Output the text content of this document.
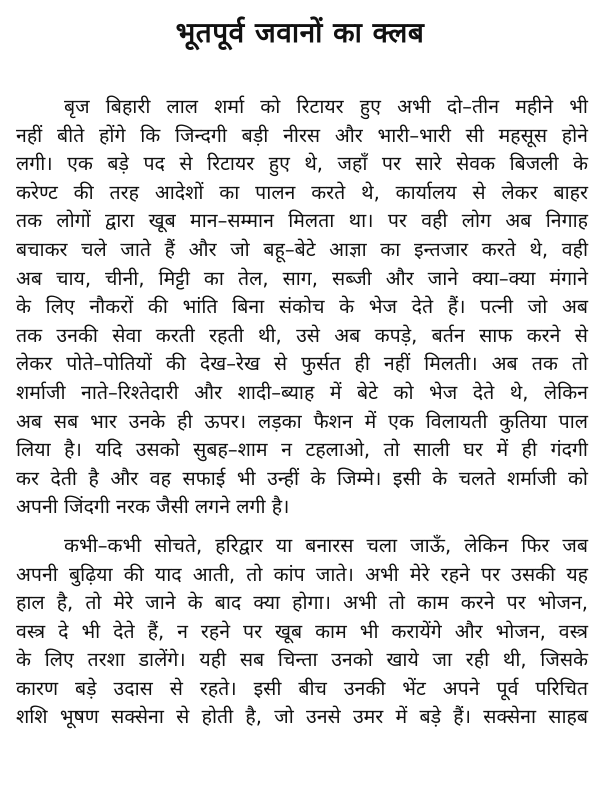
भूतपूर्व जवानों का क्लब
बृज बिहारी लाल शर्मा को रिटायर हुए अभी दो–तीन महीने भी
नहीं बीते होंगे कि जिन्दगी बड़ी नीरस और भारी–भारी सी महसूस होने
लगी। एक बड़े पद से रिटायर हुए थे, जहाँ पर सारे सेवक बिजली के
करेण्ट की तरह आदेशों का पालन करते थे, कार्यालय से लेकर बाहर
तक लोगों द्वारा खूब मान–सम्मान मिलता था। पर वही लोग अब निगाह
बचाकर चले जाते हैं और जो बहू–बेटे आज्ञा का इन्तजार करते थे, वही
अब चाय, चीनी, मिट्टी का तेल, साग, सब्जी और जाने क्या–क्या मंगाने
के लिए नौकरों की भांति बिना संकोच के भेज देते हैं। पत्नी जो अब
तक उनकी सेवा करती रहती थी, उसे अब कपड़े, बर्तन साफ करने से
लेकर पोते–पोतियों की देख–रेख से फुर्सत ही नहीं मिलती। अब तक तो
शर्माजी नाते–रिश्तेदारी और शादी–ब्याह में बेटे को भेज देते थे, लेकिन
अब सब भार उनके ही ऊपर। लड़का फैशन में एक विलायती कुतिया पाल
लिया है। यदि उसको सुबह–शाम न टहलाओ, तो साली घर में ही गंदगी
कर देती है और वह सफाई भी उन्हीं के जिम्मे। इसी के चलते शर्माजी को
अपनी जिंदगी नरक जैसी लगने लगी है।
कभी–कभी सोचते, हरिद्वार या बनारस चला जाऊँ, लेकिन फिर जब
अपनी बुढ़िया की याद आती, तो कांप जाते। अभी मेरे रहने पर उसकी यह
हाल है, तो मेरे जाने के बाद क्या होगा। अभी तो काम करने पर भोजन,
वस्त्र दे भी देते हैं, न रहने पर खूब काम भी करायेंगे और भोजन, वस्त्र
के लिए तरशा डालेंगे। यही सब चिन्ता उनको खाये जा रही थी, जिसके
कारण बड़े उदास से रहते। इसी बीच उनकी भेंट अपने पूर्व परिचित
शशि भूषण सक्सेना से होती है, जो उनसे उमर में बड़े हैं। सक्सेना साहब
